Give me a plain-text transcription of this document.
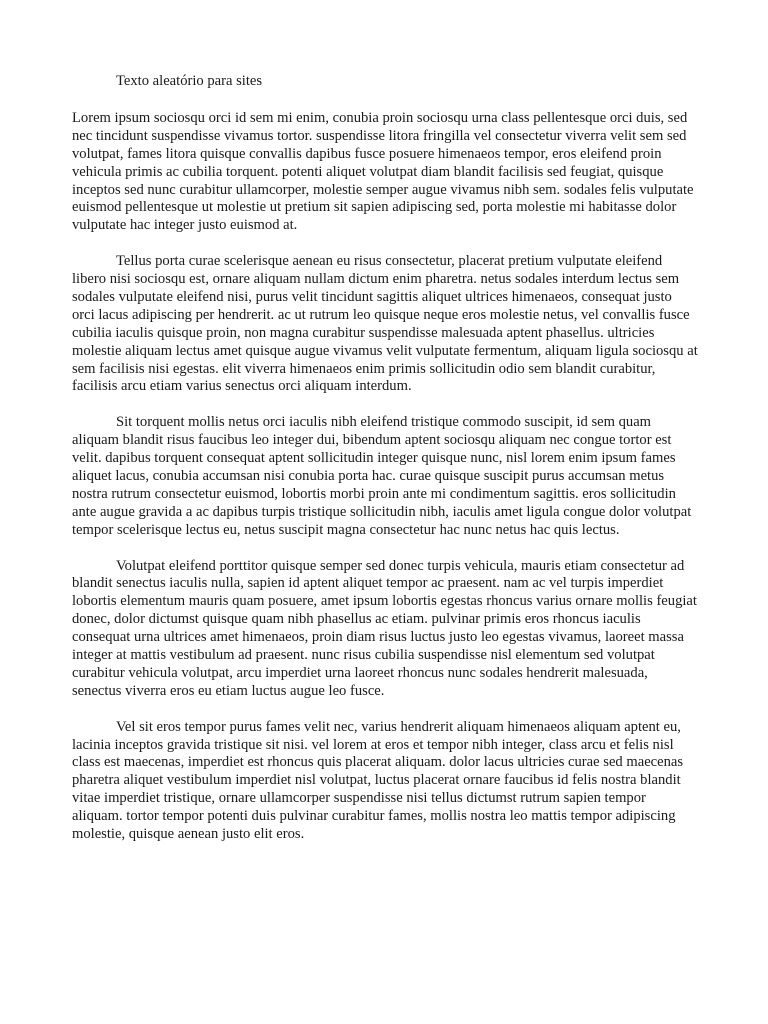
Texto aleatório para sites

Lorem ipsum sociosqu orci id sem mi enim, conubia proin sociosqu urna class pellentesque orci duis, sed nec tincidunt suspendisse vivamus tortor. suspendisse litora fringilla vel consectetur viverra velit sem sed volutpat, fames litora quisque convallis dapibus fusce posuere himenaeos tempor, eros eleifend proin vehicula primis ac cubilia torquent. potenti aliquet volutpat diam blandit facilisis sed feugiat, quisque inceptos sed nunc curabitur ullamcorper, molestie semper augue vivamus nibh sem. sodales felis vulputate euismod pellentesque ut molestie ut pretium sit sapien adipiscing sed, porta molestie mi habitasse dolor vulputate hac integer justo euismod at.

Tellus porta curae scelerisque aenean eu risus consectetur, placerat pretium vulputate eleifend libero nisi sociosqu est, ornare aliquam nullam dictum enim pharetra. netus sodales interdum lectus sem sodales vulputate eleifend nisi, purus velit tincidunt sagittis aliquet ultrices himenaeos, consequat justo orci lacus adipiscing per hendrerit. ac ut rutrum leo quisque neque eros molestie netus, vel convallis fusce cubilia iaculis quisque proin, non magna curabitur suspendisse malesuada aptent phasellus. ultricies molestie aliquam lectus amet quisque augue vivamus velit vulputate fermentum, aliquam ligula sociosqu at sem facilisis nisi egestas. elit viverra himenaeos enim primis sollicitudin odio sem blandit curabitur, facilisis arcu etiam varius senectus orci aliquam interdum.

Sit torquent mollis netus orci iaculis nibh eleifend tristique commodo suscipit, id sem quam aliquam blandit risus faucibus leo integer dui, bibendum aptent sociosqu aliquam nec congue tortor est velit. dapibus torquent consequat aptent sollicitudin integer quisque nunc, nisl lorem enim ipsum fames aliquet lacus, conubia accumsan nisi conubia porta hac. curae quisque suscipit purus accumsan metus nostra rutrum consectetur euismod, lobortis morbi proin ante mi condimentum sagittis. eros sollicitudin ante augue gravida a ac dapibus turpis tristique sollicitudin nibh, iaculis amet ligula congue dolor volutpat tempor scelerisque lectus eu, netus suscipit magna consectetur hac nunc netus hac quis lectus.

Volutpat eleifend porttitor quisque semper sed donec turpis vehicula, mauris etiam consectetur ad blandit senectus iaculis nulla, sapien id aptent aliquet tempor ac praesent. nam ac vel turpis imperdiet lobortis elementum mauris quam posuere, amet ipsum lobortis egestas rhoncus varius ornare mollis feugiat donec, dolor dictumst quisque quam nibh phasellus ac etiam. pulvinar primis eros rhoncus iaculis consequat urna ultrices amet himenaeos, proin diam risus luctus justo leo egestas vivamus, laoreet massa integer at mattis vestibulum ad praesent. nunc risus cubilia suspendisse nisl elementum sed volutpat curabitur vehicula volutpat, arcu imperdiet urna laoreet rhoncus nunc sodales hendrerit malesuada, senectus viverra eros eu etiam luctus augue leo fusce.

Vel sit eros tempor purus fames velit nec, varius hendrerit aliquam himenaeos aliquam aptent eu, lacinia inceptos gravida tristique sit nisi. vel lorem at eros et tempor nibh integer, class arcu et felis nisl class est maecenas, imperdiet est rhoncus quis placerat aliquam. dolor lacus ultricies curae sed maecenas pharetra aliquet vestibulum imperdiet nisl volutpat, luctus placerat ornare faucibus id felis nostra blandit vitae imperdiet tristique, ornare ullamcorper suspendisse nisi tellus dictumst rutrum sapien tempor aliquam. tortor tempor potenti duis pulvinar curabitur fames, mollis nostra leo mattis tempor adipiscing molestie, quisque aenean justo elit eros.
